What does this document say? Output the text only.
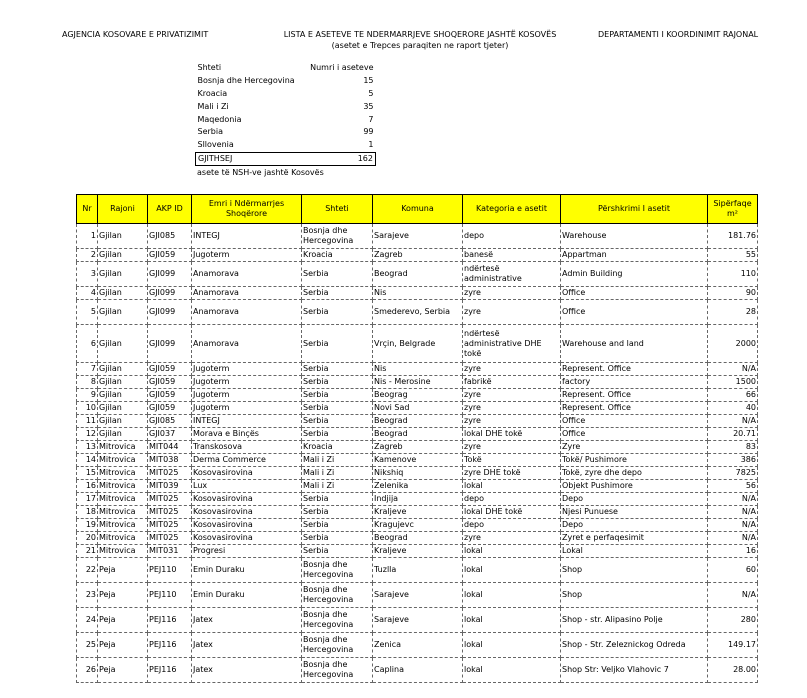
AGJENCIA KOSOVARE E PRIVATIZIMIT	LISTA E ASETEVE TE NDERMARRJEVE SHOQERORE JASHTË KOSOVËS
(asetet e Trepces paraqiten ne raport tjeter)
DEPARTAMENTI I KOORDINIMIT RAJONAL
Shteti	Numri i aseteve
Bosnja dhe Hercegovina	15
Kroacia	5
Mali i Zi	35
Maqedonia	7
Serbia	99
Sllovenia	1
GJITHSEJ	162
asete të NSH-ve jashtë Kosovës
Nr	Rajoni	AKP ID	Emri i Ndërmarrjes Shoqërore	Shteti	Komuna	Kategoria e asetit	Përshkrimi I asetit	Sipërfaqe m²
1	Gjilan	GJI085	INTEGJ	Bosnja dhe Hercegovina	Sarajeve	depo	Warehouse	181.76
2	Gjilan	GJI059	Jugoterm	Kroacia	Zagreb	banesë	Appartman	55
3	Gjilan	GJI099	Anamorava	Serbia	Beograd	ndërtesë administrative	Admin Building	110
4	Gjilan	GJI099	Anamorava	Serbia	Nis	zyre	Office	90
5	Gjilan	GJI099	Anamorava	Serbia	Smederevo, Serbia	zyre	Office	28
6	Gjilan	GJI099	Anamorava	Serbia	Vrçin, Belgrade	ndërtesë administrative DHE tokë	Warehouse and land	2000
7	Gjilan	GJI059	Jugoterm	Serbia	Nis	zyre	Represent. Office	N/A
8	Gjilan	GJI059	Jugoterm	Serbia	Nis - Merosine	fabrikë	factory	1500
9	Gjilan	GJI059	Jugoterm	Serbia	Beograg	zyre	Represent. Office	66
10	Gjilan	GJI059	Jugoterm	Serbia	Novi Sad	zyre	Represent. Office	40
11	Gjilan	GJI085	INTEGJ	Serbia	Beograd	zyre	Office	N/A
12	Gjilan	GJI037	Morava e Binçës	Serbia	Beograd	lokal DHE tokë	Office	20.71
13	Mitrovica	MIT044	Transkosova	Kroacia	Zagreb	zyre	Zyre	83
14	Mitrovica	MIT038	Derma Commerce	Mali i Zi	Kamenove	Tokë	Tokë/ Pushimore	386
15	Mitrovica	MIT025	Kosovasirovina	Mali i Zi	Nikshiq	zyre DHE tokë	Tokë, zyre dhe depo	7825
16	Mitrovica	MIT039	Lux	Mali i Zi	Zelenika	lokal	Objekt Pushimore	56
17	Mitrovica	MIT025	Kosovasirovina	Serbia	Indjija	depo	Depo	N/A
18	Mitrovica	MIT025	Kosovasirovina	Serbia	Kraljeve	lokal DHE tokë	Njesi Punuese	N/A
19	Mitrovica	MIT025	Kosovasirovina	Serbia	Kragujevc	depo	Depo	N/A
20	Mitrovica	MIT025	Kosovasirovina	Serbia	Beograd	zyre	Zyret e perfaqesimit	N/A
21	Mitrovica	MIT031	Progresi	Serbia	Kraljeve	lokal	Lokal	16
22	Peja	PEJ110	Emin Duraku	Bosnja dhe Hercegovina	Tuzlla	lokal	Shop	60
23	Peja	PEJ110	Emin Duraku	Bosnja dhe Hercegovina	Sarajeve	lokal	Shop	N/A
24	Peja	PEJ116	Jatex	Bosnja dhe Hercegovina	Sarajeve	lokal	Shop - str. Alipasino Polje	280
25	Peja	PEJ116	Jatex	Bosnja dhe Hercegovina	Zenica	lokal	Shop - Str. Zeleznickog Odreda	149.17
26	Peja	PEJ116	Jatex	Bosnja dhe Hercegovina	Caplina	lokal	Shop Str: Veljko Vlahovic 7	28.00
